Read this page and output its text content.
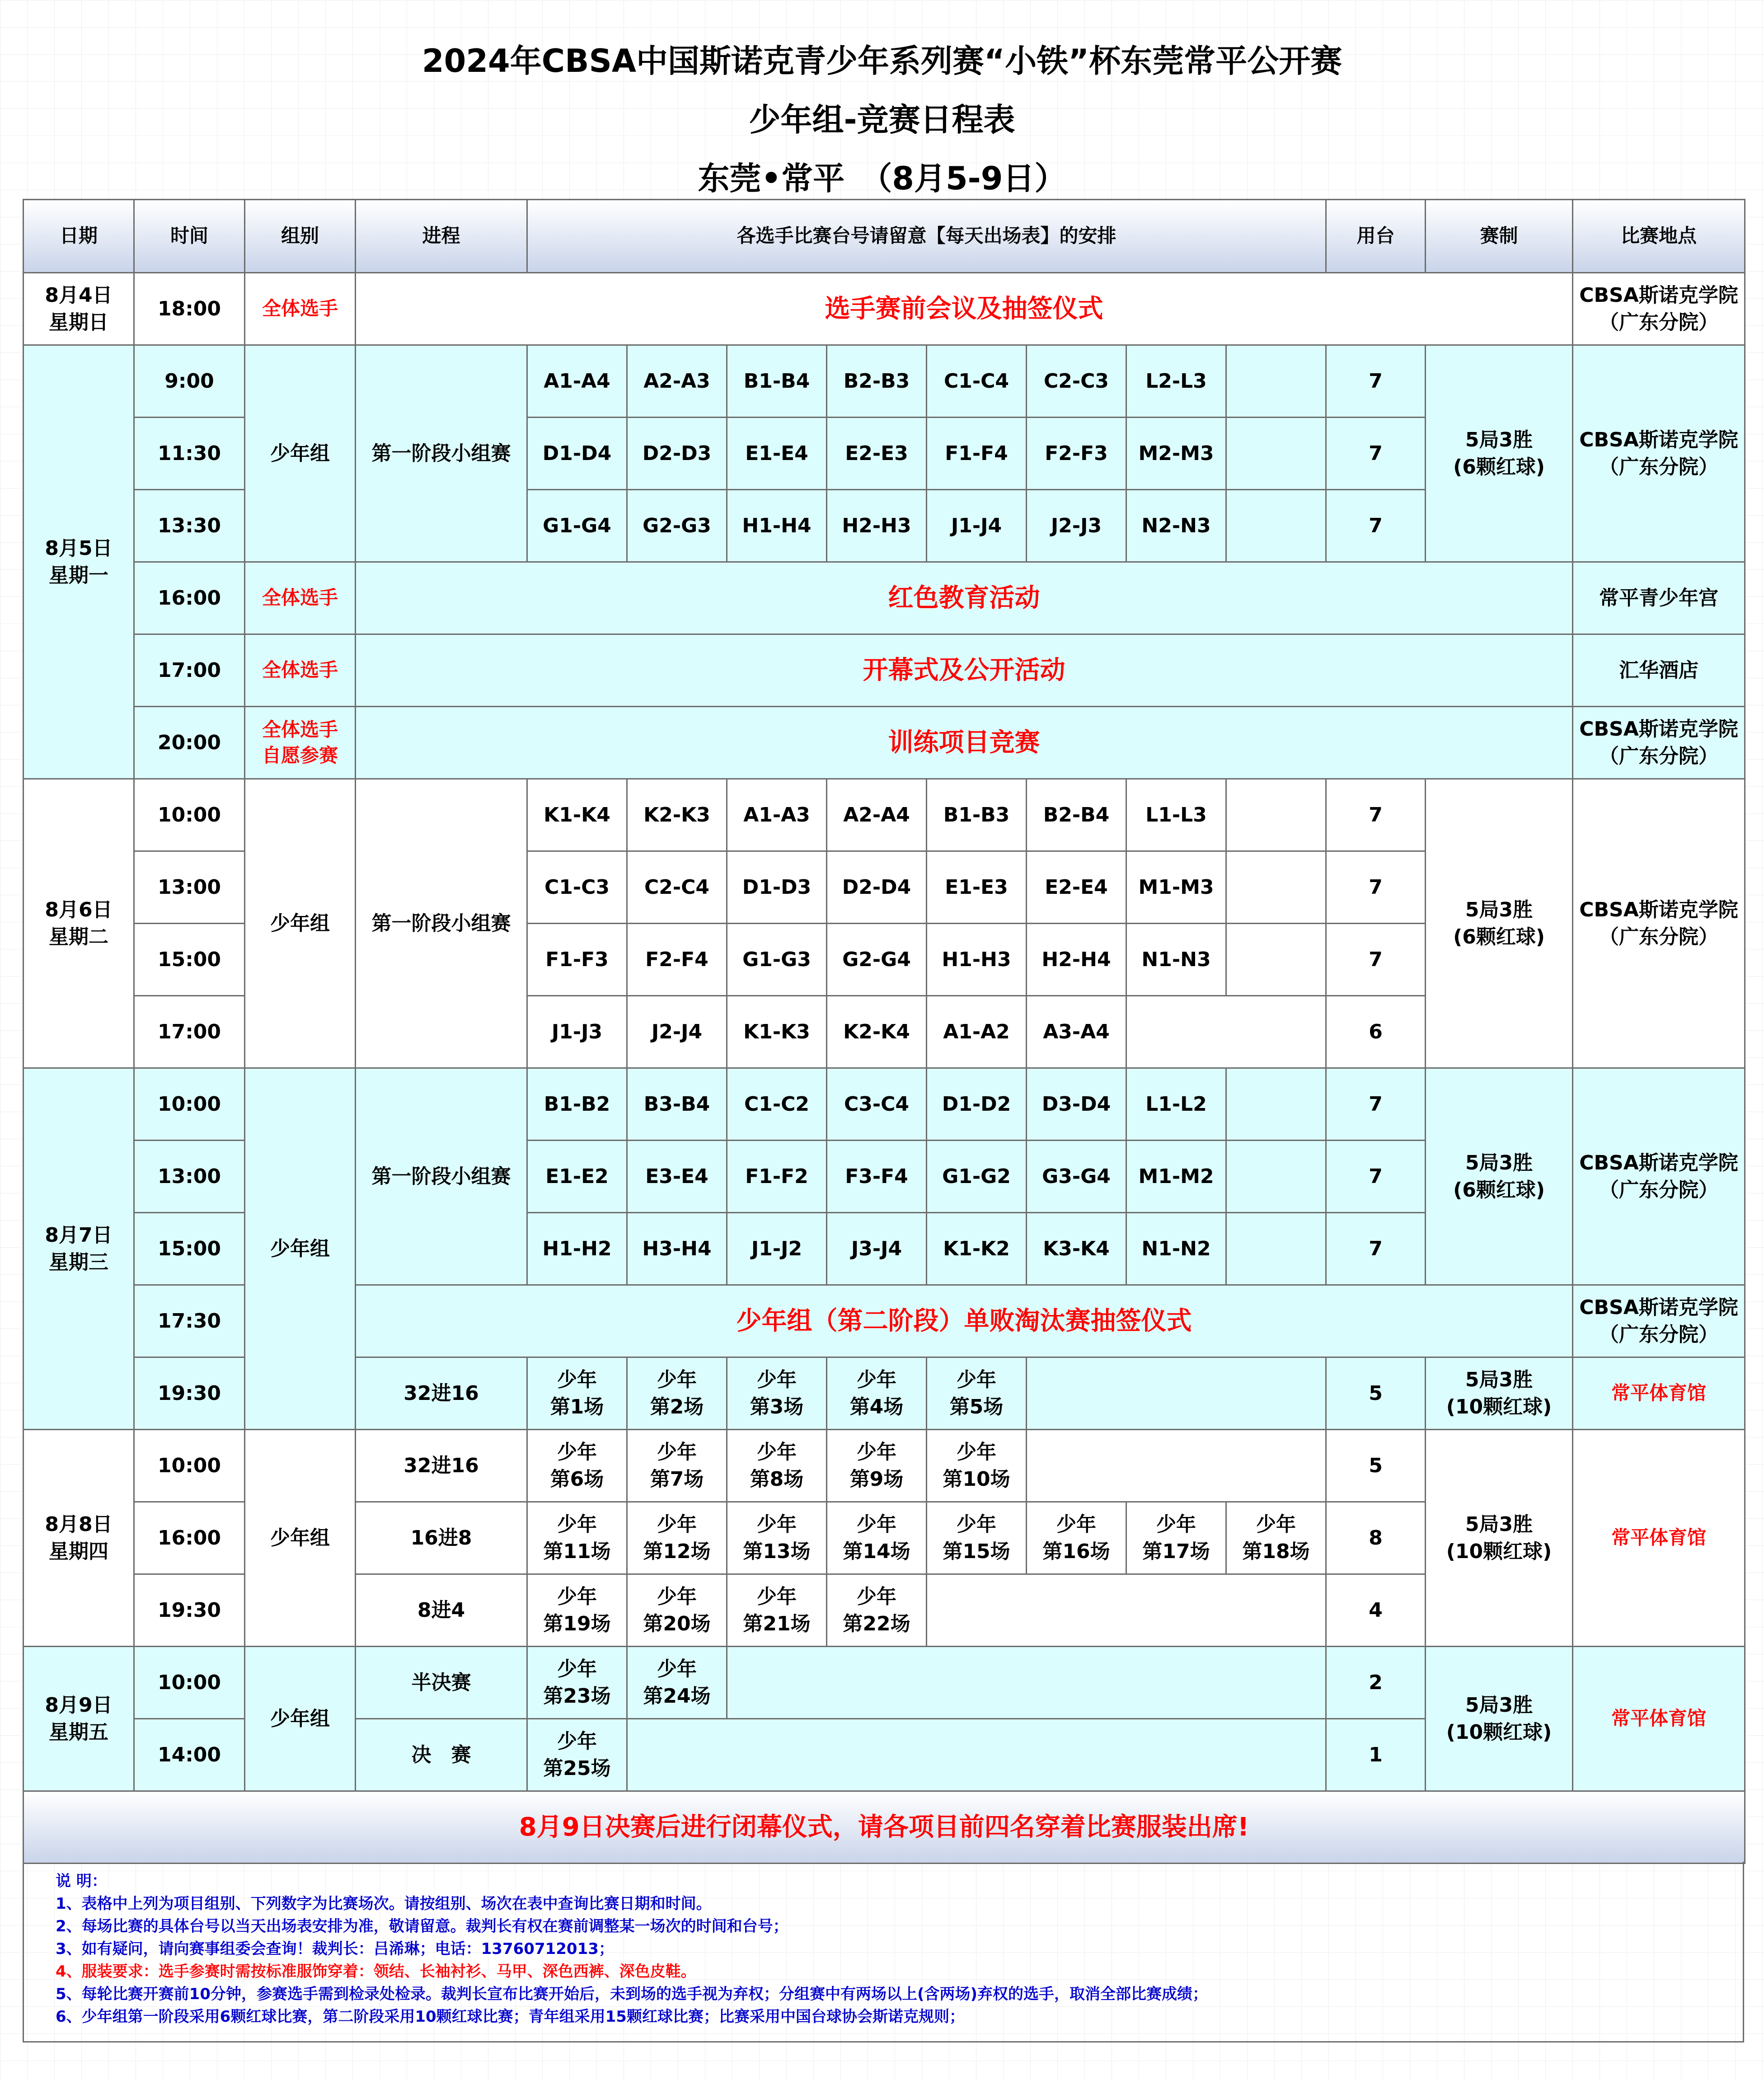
2024年CBSA中国斯诺克青少年系列赛“小铁”杯东莞常平公开赛
少年组-竞赛日程表
东莞•常平　（8月5-9日）
日期	时间	组别	进程	各选手比赛台号请留意【每天出场表】的安排								用台	赛制	比赛地点
8月4日
星期日	18:00	全体选手	选手赛前会议及抽签仪式											CBSA斯诺克学院
（广东分院）
8月5日
星期一	9:00	少年组	第一阶段小组赛	A1-A4	A2-A3	B1-B4	B2-B3	C1-C4	C2-C3	L2-L3		7	5局3胜
(6颗红球)	CBSA斯诺克学院
（广东分院）
	11:30			D1-D4	D2-D3	E1-E4	E2-E3	F1-F4	F2-F3	M2-M3		7		
	13:30			G1-G4	G2-G3	H1-H4	H2-H3	J1-J4	J2-J3	N2-N3		7		
	16:00	全体选手	红色教育活动											常平青少年宫
	17:00	全体选手	开幕式及公开活动											汇华酒店
	20:00	全体选手
自愿参赛	训练项目竞赛											CBSA斯诺克学院
（广东分院）
8月6日
星期二	10:00	少年组	第一阶段小组赛	K1-K4	K2-K3	A1-A3	A2-A4	B1-B3	B2-B4	L1-L3		7	5局3胜
(6颗红球)	CBSA斯诺克学院
（广东分院）
	13:00			C1-C3	C2-C4	D1-D3	D2-D4	E1-E3	E2-E4	M1-M3		7		
	15:00			F1-F3	F2-F4	G1-G3	G2-G4	H1-H3	H2-H4	N1-N3		7		
	17:00			J1-J3	J2-J4	K1-K3	K2-K4	A1-A2	A3-A4			6		
8月7日
星期三	10:00	少年组	第一阶段小组赛	B1-B2	B3-B4	C1-C2	C3-C4	D1-D2	D3-D4	L1-L2		7	5局3胜
(6颗红球)	CBSA斯诺克学院
（广东分院）
	13:00			E1-E2	E3-E4	F1-F2	F3-F4	G1-G2	G3-G4	M1-M2		7		
	15:00			H1-H2	H3-H4	J1-J2	J3-J4	K1-K2	K3-K4	N1-N2		7		
	17:30		少年组（第二阶段）单败淘汰赛抽签仪式											CBSA斯诺克学院
（广东分院）
	19:30		32进16	少年
第1场	少年
第2场	少年
第3场	少年
第4场	少年
第5场				5	5局3胜
(10颗红球)	常平体育馆
8月8日
星期四	10:00	少年组	32进16	少年
第6场	少年
第7场	少年
第8场	少年
第9场	少年
第10场				5	5局3胜
(10颗红球)	常平体育馆
	16:00		16进8	少年
第11场	少年
第12场	少年
第13场	少年
第14场	少年
第15场	少年
第16场	少年
第17场	少年
第18场	8		
	19:30		8进4	少年
第19场	少年
第20场	少年
第21场	少年
第22场					4		
8月9日
星期五	10:00	少年组	半决赛	少年
第23场	少年
第24场							2	5局3胜
(10颗红球)	常平体育馆
	14:00		决　赛	少年
第25场								1		
8月9日决赛后进行闭幕仪式，请各项目前四名穿着比赛服装出席!														
说 明：
1、表格中上列为项目组别、下列数字为比赛场次。请按组别、场次在表中查询比赛日期和时间。
2、每场比赛的具体台号以当天出场表安排为准，敬请留意。裁判长有权在赛前调整某一场次的时间和台号；
3、如有疑问，请向赛事组委会查询！裁判长：吕浠琳；电话：13760712013；
4、服装要求：选手参赛时需按标准服饰穿着：领结、长袖衬衫、马甲、深色西裤、深色皮鞋。
5、每轮比赛开赛前10分钟，参赛选手需到检录处检录。裁判长宣布比赛开始后，未到场的选手视为弃权；分组赛中有两场以上(含两场)弃权的选手，取消全部比赛成绩；
6、少年组第一阶段采用6颗红球比赛，第二阶段采用10颗红球比赛；青年组采用15颗红球比赛；比赛采用中国台球协会斯诺克规则；
